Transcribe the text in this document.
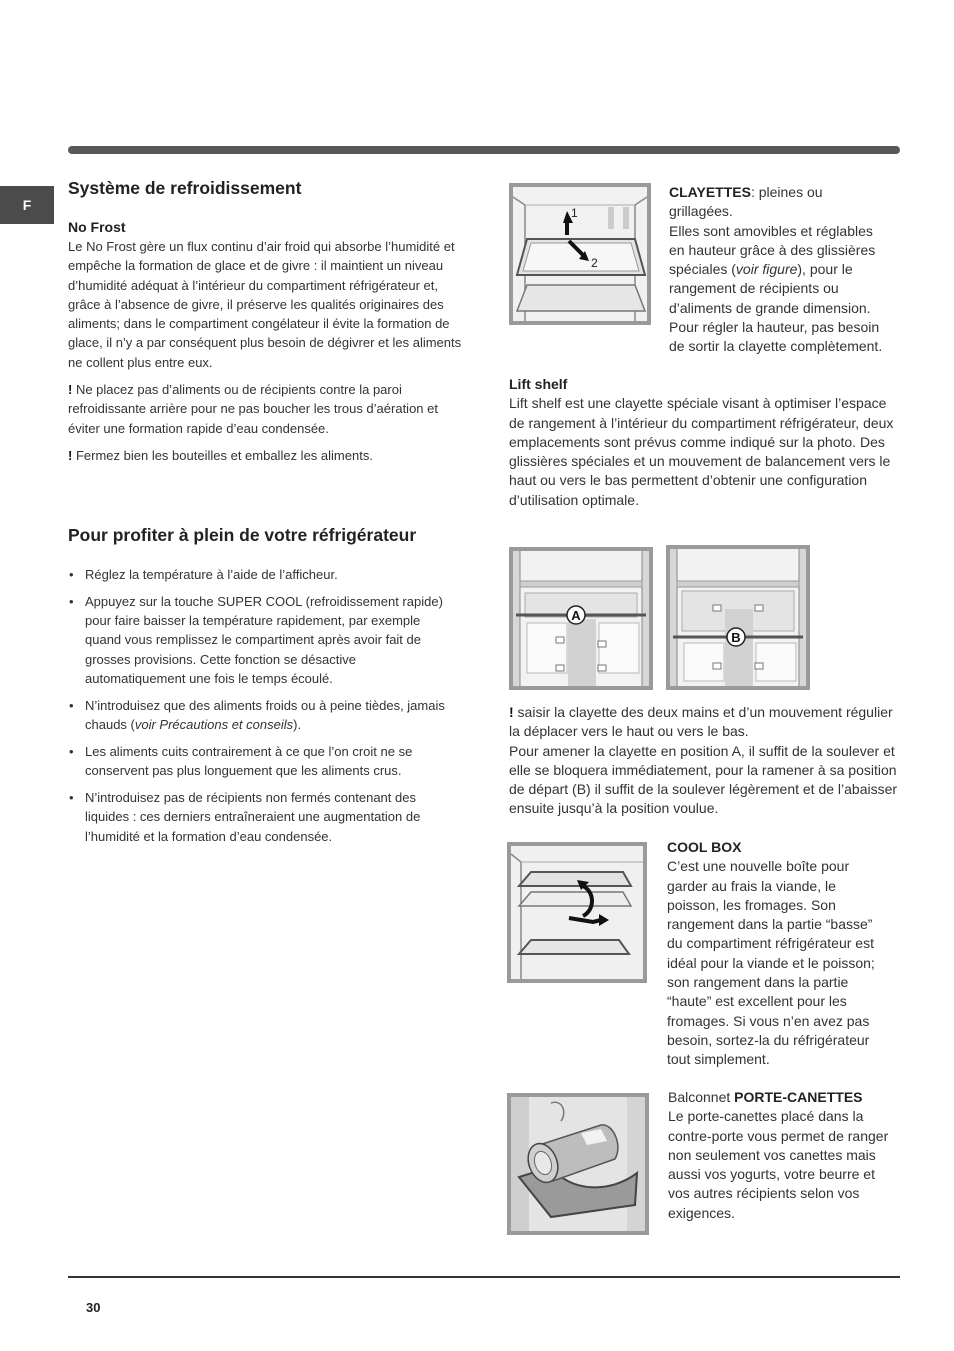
F
Système de refroidissement
No Frost

Le No Frost gère un flux continu d’air froid qui absorbe l’humidité et empêche la formation de glace et de givre : il maintient un niveau d’humidité adéquat à l’intérieur du compartiment réfrigérateur et, grâce à l’absence de givre, il préserve les qualités originaires des aliments; dans le compartiment congélateur il évite la formation de glace, il n’y a par conséquent plus besoin de dégivrer et les aliments ne collent plus entre eux.

! Ne placez pas d’aliments ou de récipients contre la paroi refroidissante arrière pour ne pas boucher les trous d’aération et éviter une formation rapide d’eau condensée.

! Fermez bien les bouteilles et emballez les aliments.

Pour profiter à plein de votre réfrigérateur
• Réglez la température à l’aide de l’afficheur.
• Appuyez sur la touche SUPER COOL (refroidissement rapide) pour faire baisser la température rapidement, par exemple quand vous remplissez le compartiment après avoir fait de grosses provisions. Cette fonction se désactive automatiquement une fois le temps écoulé.
• N’introduisez que des aliments froids ou à peine tièdes, jamais chauds (voir Précautions et conseils).
• Les aliments cuits contrairement à ce que l’on croit ne se conservent pas plus longuement que les aliments crus.
• N’introduisez pas de récipients non fermés contenant des liquides : ces derniers entraîneraient une augmentation de l’humidité et la formation d’eau condensée.
1
2
CLAYETTES: pleines ou
grillagées.
Elles sont amovibles et réglables
en hauteur grâce à des glissières
spéciales (voir figure), pour le
rangement de récipients ou
d’aliments de grande dimension.
Pour régler la hauteur, pas besoin
de sortir la clayette complètement.
Lift shelf

Lift shelf est une clayette spéciale visant à optimiser l’espace de rangement à l’intérieur du compartiment réfrigérateur, deux emplacements sont prévus comme indiqué sur la photo. Des glissières spéciales et un mouvement de balancement vers le haut ou vers le bas permettent d’obtenir une configuration d’utilisation optimale.

A
B

! saisir la clayette des deux mains et d’un mouvement régulier la déplacer vers le haut ou vers le bas.

Pour amener la clayette en position A, il suffit de la soulever et elle se bloquera immédiatement, pour la ramener à sa position de départ (B) il suffit de la soulever légèrement et de l’abaisser ensuite jusqu’à la position voulue.

COOL BOX
C’est une nouvelle boîte pour
garder au frais la viande, le
poisson, les fromages. Son
rangement dans la partie “basse”
du compartiment réfrigérateur est
idéal pour la viande et le poisson;
son rangement dans la partie
“haute” est excellent pour les
fromages. Si vous n’en avez pas
besoin, sortez-la du réfrigérateur
tout simplement.
Balconnet PORTE-CANETTES
Le porte-canettes placé dans la
contre-porte vous permet de ranger
non seulement vos canettes mais
aussi vos yogurts, votre beurre et
vos autres récipients selon vos
exigences.
30
